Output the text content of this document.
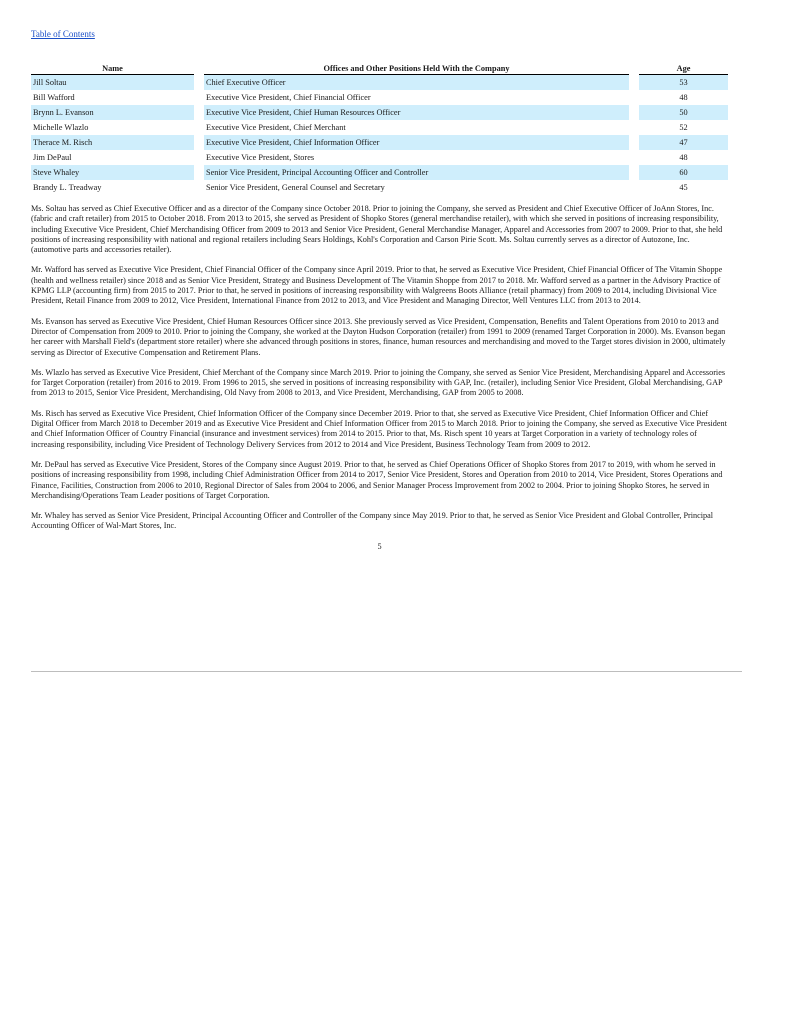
Table of Contents
Name		Offices and Other Positions Held With the Company		Age
Jill Soltau		Chief Executive Officer		53
Bill Wafford		Executive Vice President, Chief Financial Officer		48
Brynn L. Evanson		Executive Vice President, Chief Human Resources Officer		50
Michelle Wlazlo		Executive Vice President, Chief Merchant		52
Therace M. Risch		Executive Vice President, Chief Information Officer		47
Jim DePaul		Executive Vice President, Stores		48
Steve Whaley		Senior Vice President, Principal Accounting Officer and Controller		60
Brandy L. Treadway		Senior Vice President, General Counsel and Secretary		45

Ms. Soltau has served as Chief Executive Officer and as a director of the Company since October 2018. Prior to joining the Company, she served as President and Chief Executive Officer of JoAnn Stores, Inc. (fabric and craft retailer) from 2015 to October 2018. From 2013 to 2015, she served as President of Shopko Stores (general merchandise retailer), with which she served in positions of increasing responsibility, including Executive Vice President, Chief Merchandising Officer from 2009 to 2013 and Senior Vice President, General Merchandise Manager, Apparel and Accessories from 2007 to 2009. Prior to that, she held positions of increasing responsibility with national and regional retailers including Sears Holdings, Kohl's Corporation and Carson Pirie Scott. Ms. Soltau currently serves as a director of Autozone, Inc. (automotive parts and accessories retailer).

Mr. Wafford has served as Executive Vice President, Chief Financial Officer of the Company since April 2019. Prior to that, he served as Executive Vice President, Chief Financial Officer of The Vitamin Shoppe (health and wellness retailer) since 2018 and as Senior Vice President, Strategy and Business Development of The Vitamin Shoppe from 2017 to 2018. Mr. Wafford served as a partner in the Advisory Practice of KPMG LLP (accounting firm) from 2015 to 2017. Prior to that, he served in positions of increasing responsibility with Walgreens Boots Alliance (retail pharmacy) from 2009 to 2014, including Divisional Vice President, Retail Finance from 2009 to 2012, Vice President, International Finance from 2012 to 2013, and Vice President and Managing Director, Well Ventures LLC from 2013 to 2014.

Ms. Evanson has served as Executive Vice President, Chief Human Resources Officer since 2013. She previously served as Vice President, Compensation, Benefits and Talent Operations from 2010 to 2013 and Director of Compensation from 2009 to 2010. Prior to joining the Company, she worked at the Dayton Hudson Corporation (retailer) from 1991 to 2009 (renamed Target Corporation in 2000). Ms. Evanson began her career with Marshall Field's (department store retailer) where she advanced through positions in stores, finance, human resources and merchandising and moved to the Target stores division in 2000, ultimately serving as Director of Executive Compensation and Retirement Plans.

Ms. Wlazlo has served as Executive Vice President, Chief Merchant of the Company since March 2019. Prior to joining the Company, she served as Senior Vice President, Merchandising Apparel and Accessories for Target Corporation (retailer) from 2016 to 2019. From 1996 to 2015, she served in positions of increasing responsibility with GAP, Inc. (retailer), including Senior Vice President, Global Merchandising, GAP from 2013 to 2015, Senior Vice President, Merchandising, Old Navy from 2008 to 2013, and Vice President, Merchandising, GAP from 2005 to 2008.

Ms. Risch has served as Executive Vice President, Chief Information Officer of the Company since December 2019. Prior to that, she served as Executive Vice President, Chief Information Officer and Chief Digital Officer from March 2018 to December 2019 and as Executive Vice President and Chief Information Officer from 2015 to March 2018. Prior to joining the Company, she served as Executive Vice President and Chief Information Officer of Country Financial (insurance and investment services) from 2014 to 2015. Prior to that, Ms. Risch spent 10 years at Target Corporation in a variety of technology roles of increasing responsibility, including Vice President of Technology Delivery Services from 2012 to 2014 and Vice President, Business Technology Team from 2009 to 2012.

Mr. DePaul has served as Executive Vice President, Stores of the Company since August 2019. Prior to that, he served as Chief Operations Officer of Shopko Stores from 2017 to 2019, with whom he served in positions of increasing responsibility from 1998, including Chief Administration Officer from 2014 to 2017, Senior Vice President, Stores and Operation from 2010 to 2014, Vice President, Stores Operations and Finance, Facilities, Construction from 2006 to 2010, Regional Director of Sales from 2004 to 2006, and Senior Manager Process Improvement from 2002 to 2004. Prior to joining Shopko Stores, he served in Merchandising/Operations Team Leader positions of Target Corporation.

Mr. Whaley has served as Senior Vice President, Principal Accounting Officer and Controller of the Company since May 2019. Prior to that, he served as Senior Vice President and Global Controller, Principal Accounting Officer of Wal-Mart Stores, Inc.

5
